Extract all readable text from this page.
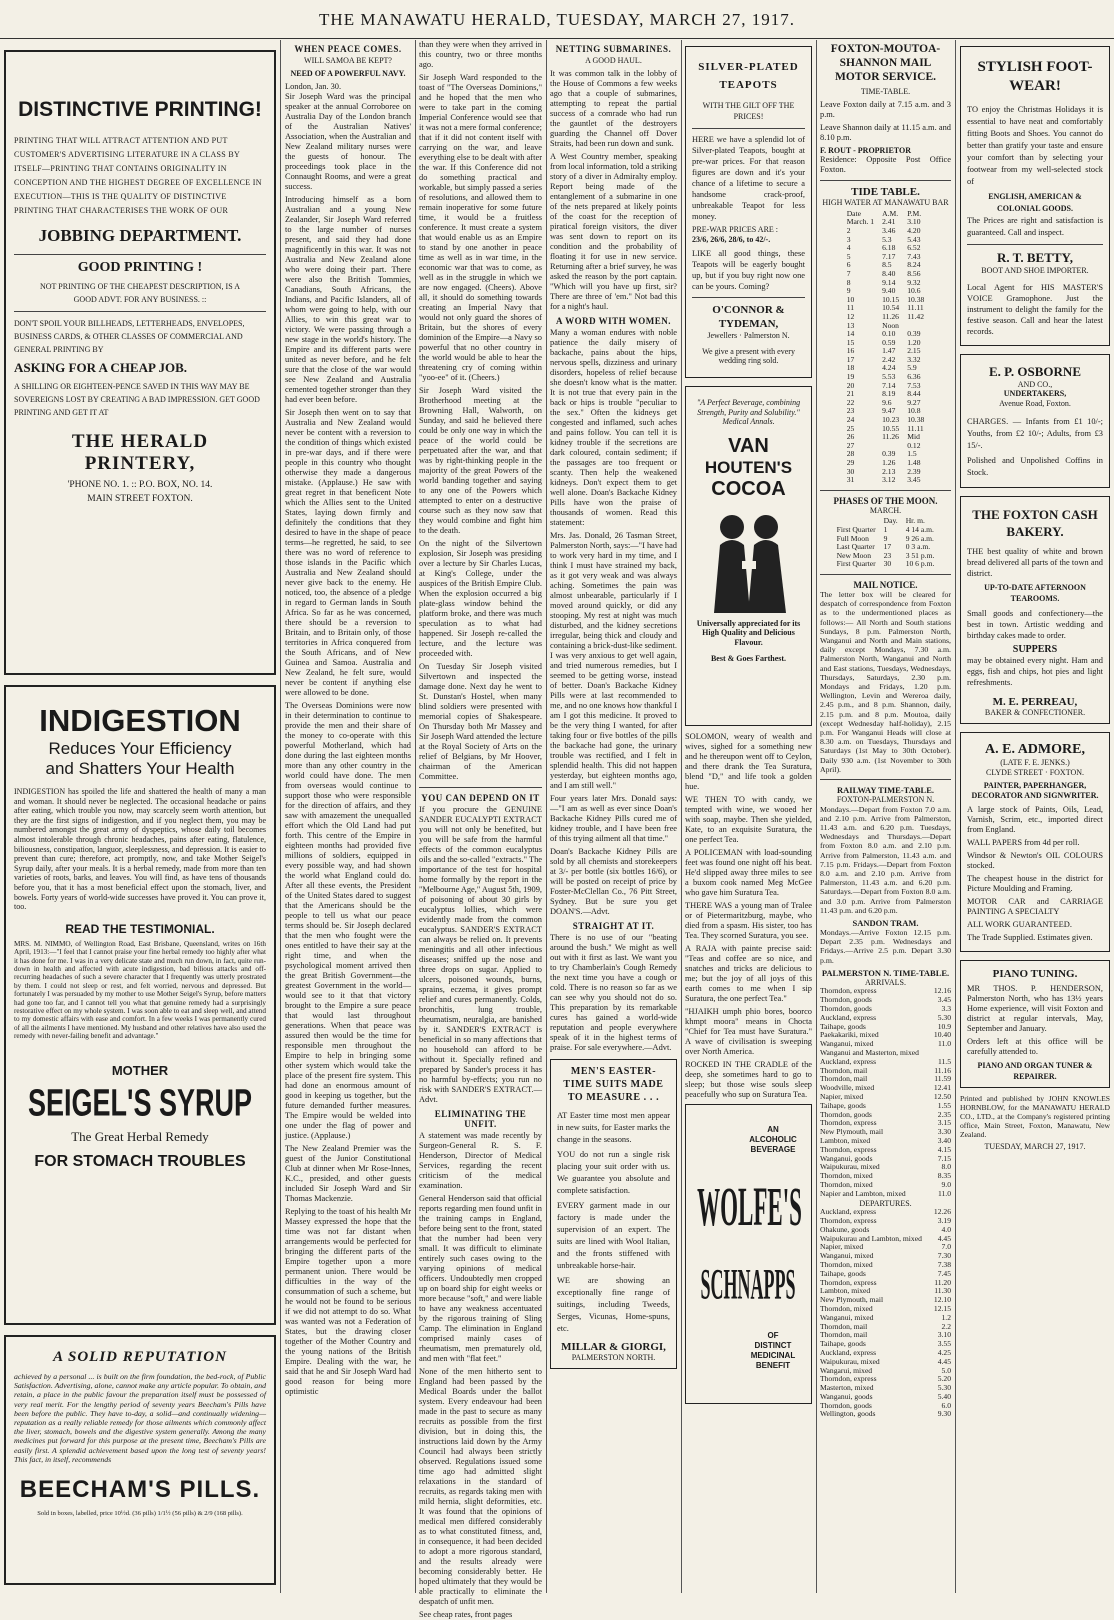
THE MANAWATU HERALD, TUESDAY, MARCH 27, 1917.
DISTINCTIVE PRINTING!
PRINTING THAT WILL ATTRACT ATTENTION AND PUT CUSTOMER'S ADVERTISING LITERATURE IN A CLASS BY ITSELF—PRINTING THAT CONTAINS ORIGINALITY IN CONCEPTION AND THE HIGHEST DEGREE OF EXCELLENCE IN EXECUTION—THIS IS THE QUALITY OF DISTINCTIVE PRINTING THAT CHARACTERISES THE WORK OF OUR
JOBBING DEPARTMENT.
GOOD PRINTING !
NOT PRINTING OF THE CHEAPEST DESCRIPTION, IS A GOOD ADVT. FOR ANY BUSINESS. ::
DON'T SPOIL YOUR BILLHEADS, LETTERHEADS, ENVELOPES, BUSINESS CARDS, & OTHER CLASSES OF COMMERCIAL AND GENERAL PRINTING BY
ASKING FOR A CHEAP JOB.
A SHILLING OR EIGHTEEN-PENCE SAVED IN THIS WAY MAY BE SOVEREIGNS LOST BY CREATING A BAD IMPRESSION. GET GOOD PRINTING AND GET IT AT
THE HERALD PRINTERY,
'PHONE NO. 1. :: P.O. BOX, NO. 14.
MAIN STREET FOXTON.
INDIGESTION
Reduces Your Efficiency
and Shatters Your Health
INDIGESTION has spoiled the life and shattered the health of many a man and woman. It should never be neglected. The occasional headache or pains after eating, which trouble you now, may scarcely seem worth attention, but they are the first signs of indigestion, and if you neglect them, you may be numbered amongst the great army of dyspeptics, whose daily toil becomes almost intolerable through chronic headaches, pains after eating, flatulence, biliousness, constipation, languor, sleeplessness, and depression. It is easier to prevent than cure; therefore, act promptly, now, and take Mother Seigel's Syrup daily, after your meals. It is a herbal remedy, made from more than ten varieties of roots, barks, and leaves. You will find, as have tens of thousands before you, that it has a most beneficial effect upon the stomach, liver, and bowels. Forty years of world-wide successes have proved it. You can prove it, too.
READ THE TESTIMONIAL.
MRS. M. NIMMO, of Wellington Road, East Brisbane, Queensland, writes on 16th April, 1913:—"I feel that I cannot praise your fine herbal remedy too highly after what it has done for me. I was in a very delicate state and much run down, in fact, quite run-down in health and affected with acute indigestion, bad bilious attacks and off-recurring headaches of such a severe character that I frequently was utterly prostrated by them. I could not sleep or rest, and felt worried, nervous and depressed. But fortunately I was persuaded by my mother to use Mother Seigel's Syrup, before matters had gone too far, and I cannot tell you what that genuine remedy had a surprisingly restorative effect on my whole system. I was soon able to eat and sleep well, and attend to my domestic affairs with ease and comfort. In a few weeks I was permanently cured of all the ailments I have mentioned. My husband and other relatives have also used the remedy with never-failing benefit and advantage."
MOTHER
SEIGEL'S SYRUP
The Great Herbal Remedy
FOR STOMACH TROUBLES
A SOLID REPUTATION
achieved by a personal ... is built on the firm foundation, the bed-rock, of Public Satisfaction. Advertising, alone, cannot make any article popular. To obtain, and retain, a place in the public favour the preparation itself must be possessed of very real merit. For the lengthy period of seventy years Beecham's Pills have been before the public. They have to-day, a solid—and continually widening—reputation as a really reliable remedy for those ailments which commonly affect the liver, stomach, bowels and the digestive system generally. Among the many medicines put forward for this purpose at the present time, Beecham's Pills are easily first. A splendid achievement based upon the long test of seventy years! This fact, in itself, recommends
BEECHAM'S PILLS.
Sold in boxes, labelled, price 10½d. (36 pills) 1/1½ (56 pills) & 2/9 (168 pills).
WHEN PEACE COMES.
WILL SAMOA BE KEPT?
NEED OF A POWERFUL NAVY.
London, Jan. 30.

Sir Joseph Ward was the principal speaker at the annual Corroboree on Australia Day of the London branch of the Australian Natives' Association, when the Australian and New Zealand military nurses were the guests of honour. The proceedings took place in the Connaught Rooms, and were a great success.

Introducing himself as a born Australian and a young New Zealander, Sir Joseph Ward referred to the large number of nurses present, and said they had done magnificently in this war. It was not Australia and New Zealand alone who were doing their part. There were also the British Tommies, Canadians, South Africans, the Indians, and Pacific Islanders, all of whom were going to help, with our Allies, to win this great war to victory. We were passing through a new stage in the world's history. The Empire and its different parts were united as never before, and he felt sure that the close of the war would see New Zealand and Australia cemented together stronger than they had ever been before.

Sir Joseph then went on to say that Australia and New Zealand would never be content with a reversion to the condition of things which existed in pre-war days, and if there were people in this country who thought otherwise they made a dangerous mistake. (Applause.) He saw with great regret in that beneficent Note which the Allies sent to the United States, laying down firmly and definitely the conditions that they desired to have in the shape of peace terms—he regretted, he said, to see there was no word of reference to those islands in the Pacific which Australia and New Zealand should never give back to the enemy. He noticed, too, the absence of a pledge in regard to German lands in South Africa. So far as he was concerned, there should be a reversion to Britain, and to Britain only, of those territories in Africa conquered from the South Africans, and of New Guinea and Samoa. Australia and New Zealand, he felt sure, would never be content if anything else were allowed to be done.

The Overseas Dominions were now in their determination to continue to provide the men and their share of the money to co-operate with this powerful Motherland, which had done during the last eighteen months more than any other country in the world could have done. The men from overseas would continue to support those who were responsible for the direction of affairs, and they saw with amazement the unequalled effort which the Old Land had put forth. This centre of the Empire in eighteen months had provided five millions of soldiers, equipped in every possible way, and had shown the world what England could do. After all these events, the President of the United States dared to suggest that the Americans should be the people to tell us what our peace terms should be. Sir Joseph declared that the men who fought were the ones entitled to have their say at the right time, and when the psychological moment arrived then the great British Government—the greatest Government in the world—would see to it that that victory brought to the Empire a sure peace that would last throughout generations. When that peace was assured then would be the time for responsible men throughout the Empire to help in bringing some other system which would take the place of the present fire system. This had done an enormous amount of good in keeping us together, but the future demanded further measures. The Empire would be welded into one under the flag of power and justice. (Applause.)

The New Zealand Premier was the guest of the Junior Constitutional Club at dinner when Mr Rose-Innes, K.C., presided, and other guests included Sir Joseph Ward and Sir Thomas Mackenzie.

Replying to the toast of his health Mr Massey expressed the hope that the time was not far distant when arrangements would be perfected for bringing the different parts of the Empire together upon a more permanent union. There would be difficulties in the way of the consummation of such a scheme, but he would not be found to be serious if we did not attempt to do so. What was wanted was not a Federation of States, but the drawing closer together of the Mother Country and the young nations of the British Empire. Dealing with the war, he said that he and Sir Joseph Ward had good reason for being more optimistic

than they were when they arrived in this country, two or three months ago.

Sir Joseph Ward responded to the toast of "The Overseas Dominions," and he hoped that the men who were to take part in the coming Imperial Conference would see that it was not a mere formal conference; that if it did not content itself with carrying on the war, and leave everything else to be dealt with after the war. If this Conference did not do something practical and workable, but simply passed a series of resolutions, and allowed them to remain inoperative for some future time, it would be a fruitless conference. It must create a system that would enable us as an Empire to stand by one another in peace time as well as in war time, in the economic war that was to come, as well as in the struggle in which we are now engaged. (Cheers). Above all, it should do something towards creating an Imperial Navy that would not only guard the shores of Britain, but the shores of every dominion of the Empire—a Navy so powerful that no other country in the world would be able to hear the threatening cry of coming within "yoo-ee" of it. (Cheers.)

Sir Joseph Ward visited the Brotherhood meeting at the Browning Hall, Walworth, on Sunday, and said he believed there could be only one way in which the peace of the world could be perpetuated after the war, and that was by right-thinking people in the majority of the great Powers of the world banding together and saying to any one of the Powers which attempted to enter on a destructive course such as they now saw that they would combine and fight him to the death.

On the night of the Silvertown explosion, Sir Joseph was presiding over a lecture by Sir Charles Lucas, at King's College, under the auspices of the British Empire Club. When the explosion occurred a big plate-glass window behind the platform broke, and there was much speculation as to what had happened. Sir Joseph re-called the lecture, and the lecture was proceeded with.

On Tuesday Sir Joseph visited Silvertown and inspected the damage done. Next day he went to St. Dunstan's Hostel, when many blind soldiers were presented with memorial copies of Shakespeare. On Thursday both Mr Massey and Sir Joseph Ward attended the lecture at the Royal Society of Arts on the relief of Belgians, by Mr Hoover, chairman of the American Committee.

YOU CAN DEPEND ON IT

If you procure the GENUINE SANDER EUCALYPTI EXTRACT you will not only be benefited, but you will be safe from the harmful effects of the common eucalyptus oils and the so-called "extracts." The importance of the test for hospital home formally by the report in the "Melbourne Age," August 5th, 1909, of poisoning of about 30 girls by eucalyptus lollies, which were evidently made from the common eucalyptus. SANDER'S EXTRACT can always be relied on. It prevents meningitis and all other infectious diseases; sniffed up the nose and three drops on sugar. Applied to ulcers, poisoned wounds, burns, sprains, eczema, it gives prompt relief and cures permanently. Colds, bronchitis, lung trouble, rheumatism, neuralgia, are banished by it. SANDER'S EXTRACT is beneficial in so many affections that no household can afford to be without it. Specially refined and prepared by Sander's process it has no harmful by-effects; you run no risk with SANDER'S EXTRACT.—Advt.

ELIMINATING THE UNFIT.

A statement was made recently by Surgeon-General R. S. F. Henderson, Director of Medical Services, regarding the recent criticism of the medical examination.

General Henderson said that official reports regarding men found unfit in the training camps in England, before being sent to the front, stated that the number had been very small. It was difficult to eliminate entirely such cases owing to the varying opinions of medical officers. Undoubtedly men cropped up on board ship for eight weeks or more because "soft," and were liable to have any weakness accentuated by the rigorous training of Sling Camp. The elimination in England comprised mainly cases of rheumatism, men prematurely old, and men with "flat feet."

None of the men hitherto sent to England had been passed by the Medical Boards under the ballot system. Every endeavour had been made in the past to secure as many recruits as possible from the first division, but in doing this, the instructions laid down by the Army Council had always been strictly observed. Regulations issued some time ago had admitted slight relaxations in the standard of recruits, as regards taking men with mild hernia, slight deformities, etc. It was found that the opinions of medical men differed considerably as to what constituted fitness, and, in consequence, it had been decided to adopt a more rigorous standard, and the results already were becoming considerably better. He hoped ultimately that they would be able practically to eliminate the despatch of unfit men.

See cheap rates, front pages

NETTING SUBMARINES.
A GOOD HAUL.

It was common talk in the lobby of the House of Commons a few weeks ago that a couple of submarines, attempting to repeat the partial success of a comrade who had run the gauntlet of the destroyers guarding the Channel off Dover Straits, had been run down and sunk.

A West Country member, speaking from local information, told a striking story of a diver in Admiralty employ. Report being made of the entanglement of a submarine in one of the nets prepared at likely points of the coast for the reception of piratical foreign visitors, the diver was sent down to report on its condition and the probability of floating it for use in new service. Returning after a brief survey, he was asked the reason by the port captain. "Which will you have up first, sir? There are three of 'em." Not bad this for a night's haul.

A WORD WITH WOMEN.

Many a woman endures with noble patience the daily misery of backache, pains about the hips, nervous spells, dizziness and urinary disorders, hopeless of relief because she doesn't know what is the matter. It is not true that every pain in the back or hips is trouble "peculiar to the sex." Often the kidneys get congested and inflamed, such aches and pains follow. You can tell it is kidney trouble if the secretions are dark coloured, contain sediment; if the passages are too frequent or scanty. Then help the weakened kidneys. Don't expect them to get well alone. Doan's Backache Kidney Pills have won the praise of thousands of women. Read this statement:

Mrs. Jas. Donald, 26 Tasman Street, Palmerston North, says:—"I have had to work very hard in my time, and I think I must have strained my back, as it got very weak and was always aching. Sometimes the pain was almost unbearable, particularly if I moved around quickly, or did any stooping. My rest at night was much disturbed, and the kidney secretions irregular, being thick and cloudy and containing a brick-dust-like sediment. I was very anxious to get well again, and tried numerous remedies, but I seemed to be getting worse, instead of better. Doan's Backache Kidney Pills were at last recommended to me, and no one knows how thankful I am I got this medicine. It proved to be the very thing I wanted, for after taking four or five bottles of the pills the backache had gone, the urinary trouble was rectified, and I felt in splendid health. This did not happen yesterday, but eighteen months ago, and I am still well."

Four years later Mrs. Donald says:—"I am as well as ever since Doan's Backache Kidney Pills cured me of kidney trouble, and I have been free of this trying ailment all that time."

Doan's Backache Kidney Pills are sold by all chemists and storekeepers at 3/- per bottle (six bottles 16/6), or will be posted on receipt of price by Foster-McClellan Co., 76 Pitt Street, Sydney. But be sure you get DOAN'S.—Advt.

STRAIGHT AT IT.

There is no use of our "beating around the bush." We might as well out with it first as last. We want you to try Chamberlain's Cough Remedy the next time you have a cough or cold. There is no reason so far as we can see why you should not do so. This preparation by its remarkable cures has gained a world-wide reputation and people everywhere speak of it in the highest terms of praise. For sale everywhere.—Advt.

MEN'S EASTER-TIME SUITS MADE TO MEASURE . . .

AT Easter time most men appear in new suits, for Easter marks the change in the seasons.

YOU do not run a single risk placing your suit order with us. We guarantee you absolute and complete satisfaction.

EVERY garment made in our factory is made under the supervision of an expert. The suits are lined with Wool Italian, and the fronts stiffened with unbreakable horse-hair.

WE are showing an exceptionally fine range of suitings, including Tweeds, Serges, Vicunas, Home-spuns, etc.

MILLAR & GIORGI,
PALMERSTON NORTH.
SILVER-PLATED TEAPOTS
WITH THE GILT OFF THE PRICES!

HERE we have a splendid lot of Silver-plated Teapots, bought at pre-war prices. For that reason figures are down and it's your chance of a lifetime to secure a handsome crack-proof, unbreakable Teapot for less money.

PRE-WAR PRICES ARE :
23/6, 26/6, 28/6, to 42/-.

LIKE all good things, these Teapots will be eagerly bought up, but if you buy right now one can be yours. Coming?

O'CONNOR & TYDEMAN,
Jewellers · Palmerston N.
We give a present with every wedding ring sold.
"A Perfect Beverage, combining Strength, Purity and Solubility."
Medical Annals.
VAN
HOUTEN'S
COCOA
Universally appreciated for its High Quality and Delicious Flavour.
Best & Goes Farthest.

SOLOMON, weary of wealth and wives, sighed for a something new and he thereupon went off to Ceylon, and there drank the Tea Suratura, blend "D," and life took a golden hue.

WE THEN TO with candy, we tempted with wine, we wooed her with soap, maybe. Then she yielded, Kate, to an exquisite Suratura, the one perfect Tea.

A POLICEMAN with load-sounding feet was found one night off his beat. He'd slipped away three miles to see a buxom cook named Meg McGee who gave him Suratura Tea.

THERE WAS a young man of Tralee or of Pietermaritzburg, maybe, who died from a spasm. His sister, too has Tea. They scorned Suratura, you see.

A RAJA with painte precise said: "Teas and coffee are so nice, and snatches and tricks are delicious to me; but the joy of all joys of this earth comes to me when I sip Suratura, the one perfect Tea."

"HJAIKH umph phio bores, boorco khmpt moora" means in Chocta "Chief for Tea must have Suratura." A wave of civilisation is sweeping over North America.

ROCKED IN THE CRADLE of the deep, she sometimes hard to go to sleep; but those wise souls sleep peacefully who sup on Suratura Tea.

AN
ALCOHOLIC
BEVERAGE
WOLFE'S
SCHNAPPS
OF
DISTINCT
MEDICINAL
BENEFIT
FOXTON-MOUTOA-SHANNON MAIL MOTOR SERVICE.
TIME-TABLE.

Leave Foxton daily at 7.15 a.m. and 3 p.m.

Leave Shannon daily at 11.15 a.m. and 8.10 p.m.

F. ROUT - PROPRIETOR

Residence: Opposite Post Office Foxton.

TIDE TABLE.
HIGH WATER AT MANAWATU BAR
Date	A.M.	P.M.
March. 1	2.41	3.10
2	3.46	4.20
3	5.3	5.43
4	6.18	6.52
5	7.17	7.43
6	8.5	8.24
7	8.40	8.56
8	9.14	9.32
9	9.40	10.6
10	10.15	10.38
11	10.54	11.11
12	11.26	11.42
13	Noon	
14	0.10	0.39
15	0.59	1.20
16	1.47	2.15
17	2.42	3.32
18	4.24	5.9
19	5.53	6.36
20	7.14	7.53
21	8.19	8.44
22	9.6	9.27
23	9.47	10.8
24	10.23	10.38
25	10.55	11.11
26	11.26	Mid
27		0.12
28	0.39	1.5
29	1.26	1.48
30	2.13	2.39
31	3.12	3.45
PHASES OF THE MOON.
MARCH.
	Day.	Hr. m.
First Quarter	1	4 14 a.m.
Full Moon	9	9 26 a.m.
Last Quarter	17	0 3 a.m.
New Moon	23	3 51 p.m.
First Quarter	30	10 6 p.m.
MAIL NOTICE.

The letter box will be cleared for despatch of correspondence from Foxton as to the undermentioned places as follows:— All North and South stations Sundays, 8 p.m. Palmerston North, Wanganui and North and Main stations, daily except Mondays, 7.30 a.m. Palmerston North, Wanganui and North and East stations, Tuesdays, Wednesdays, Thursdays, Saturdays, 2.30 p.m. Mondays and Fridays, 1.20 p.m. Wellington, Levin and Wereroa daily, 2.45 p.m., and 8 p.m. Shannon, daily, 2.15 p.m. and 8 p.m. Moutoa, daily (except Wednesday half-holiday), 2.15 p.m. For Wanganui Heads will close at 8.30 a.m. on Tuesdays, Thursdays and Saturdays (1st May to 30th October). Daily 930 a.m. (1st November to 30th April).

RAILWAY TIME-TABLE.
FOXTON-PALMERSTON N.

Mondays.—Depart from Foxton 7.0 a.m. and 2.10 p.m. Arrive from Palmerston, 11.43 a.m. and 6.20 p.m. Tuesdays, Wednesdays and Thursdays.—Depart from Foxton 8.0 a.m. and 2.10 p.m. Arrive from Palmerston, 11.43 a.m. and 7.15 p.m. Fridays.—Depart from Foxton 8.0 a.m. and 2.10 p.m. Arrive from Palmerston, 11.43 a.m. and 6.20 p.m. Saturdays.—Depart from Foxton 8.0 a.m. and 3.0 p.m. Arrive from Palmerston 11.43 p.m. and 6.20 p.m.

SANDON TRAM.

Mondays.—Arrive Foxton 12.15 p.m. Depart 2.35 p.m. Wednesdays and Fridays.—Arrive 2.5 p.m. Depart 3.30 p.m.

PALMERSTON N. TIME-TABLE.
ARRIVALS.
Thorndon, express	12.16
Thorndon, goods	3.45
Thorndon, goods	3.3
Auckland, express	5.30
Taihape, goods	10.9
Paekakariki, mixed	10.40
Wanganui, mixed	11.0
Wanganui and Masterton, mixed
Auckland, express	11.5
Thorndon, mail	11.16
Thorndon, mail	11.59
Woodville, mixed	12.41
Napier, mixed	12.50
Taihape, goods	1.55
Thorndon, goods	2.35
Thorndon, express	3.15
New Plymouth, mail	3.30
Lambton, mixed	3.40
Thorndon, express	4.15
Wanganui, goods	7.15
Waipukurau, mixed	8.0
Thorndon, mixed	8.35
Thorndon, mixed	9.0
Napier and Lambton, mixed	11.0
DEPARTURES.
Auckland, express	12.26
Thorndon, express	3.19
Ohakune, goods	4.0
Waipukurau and Lambton, mixed 4.45
Napier, mixed	7.0
Wanganui, mixed	7.30
Thorndon, mixed	7.38
Taihape, goods	7.45
Thorndon, express	11.20
Lambton, mixed	11.30
New Plymouth, mail	12.10
Thorndon, mixed	12.15
Wanganui, mixed	1.2
Thorndon, mail	2.2
Thorndon, mail	3.10
Taihape, goods	3.55
Auckland, express	4.25
Waipukurau, mixed	4.45
Wangarui, mixed	5.0
Thorndon, express	5.20
Masterton, mixed	5.30
Wanganui, goods	5.40
Thorndon, goods	6.0
Wellington, goods	9.30
STYLISH FOOT-WEAR!

TO enjoy the Christmas Holidays it is essential to have neat and comfortably fitting Boots and Shoes. You cannot do better than gratify your taste and ensure your comfort than by selecting your footwear from my well-selected stock of

ENGLISH, AMERICAN & COLONIAL GOODS.

The Prices are right and satisfaction is guaranteed. Call and inspect.

R. T. BETTY,
BOOT AND SHOE IMPORTER.

Local Agent for HIS MASTER'S VOICE Gramophone. Just the instrument to delight the family for the festive season. Call and hear the latest records.

E. P. OSBORNE
AND CO.,
UNDERTAKERS,
Avenue Road, Foxton.

CHARGES. — Infants from £1 10/-; Youths, from £2 10/-; Adults, from £3 15/-.

Polished and Unpolished Coffins in Stock.

THE FOXTON CASH BAKERY.

THE best quality of white and brown bread delivered all parts of the town and district.

UP-TO-DATE AFTERNOON TEAROOMS.

Small goods and confectionery—the best in town. Artistic wedding and birthday cakes made to order.

SUPPERS

may be obtained every night. Ham and eggs, fish and chips, hot pies and light refreshments.

M. E. PERREAU,
BAKER & CONFECTIONER.
A. E. ADMORE,
(LATE F. E. JENKS.)
CLYDE STREET · FOXTON.
PAINTER, PAPERHANGER, DECORATOR AND SIGNWRITER.

A large stock of Paints, Oils, Lead, Varnish, Scrim, etc., imported direct from England.

WALL PAPERS from 4d per roll.

Windsor & Newton's OIL COLOURS stocked.

The cheapest house in the district for Picture Moulding and Framing.

MOTOR CAR and CARRIAGE PAINTING A SPECIALTY

ALL WORK GUARANTEED.

The Trade Supplied. Estimates given.

PIANO TUNING.

MR THOS. P. HENDERSON, Palmerston North, who has 13½ years Home experience, will visit Foxton and district at regular intervals, May, September and January.

Orders left at this office will be carefully attended to.

PIANO AND ORGAN TUNER & REPAIRER.

Printed and published by JOHN KNOWLES HORNBLOW, for the MANAWATU HERALD CO., LTD., at the Company's registered printing office, Main Street, Foxton, Manawatu, New Zealand.

TUESDAY, MARCH 27, 1917.
